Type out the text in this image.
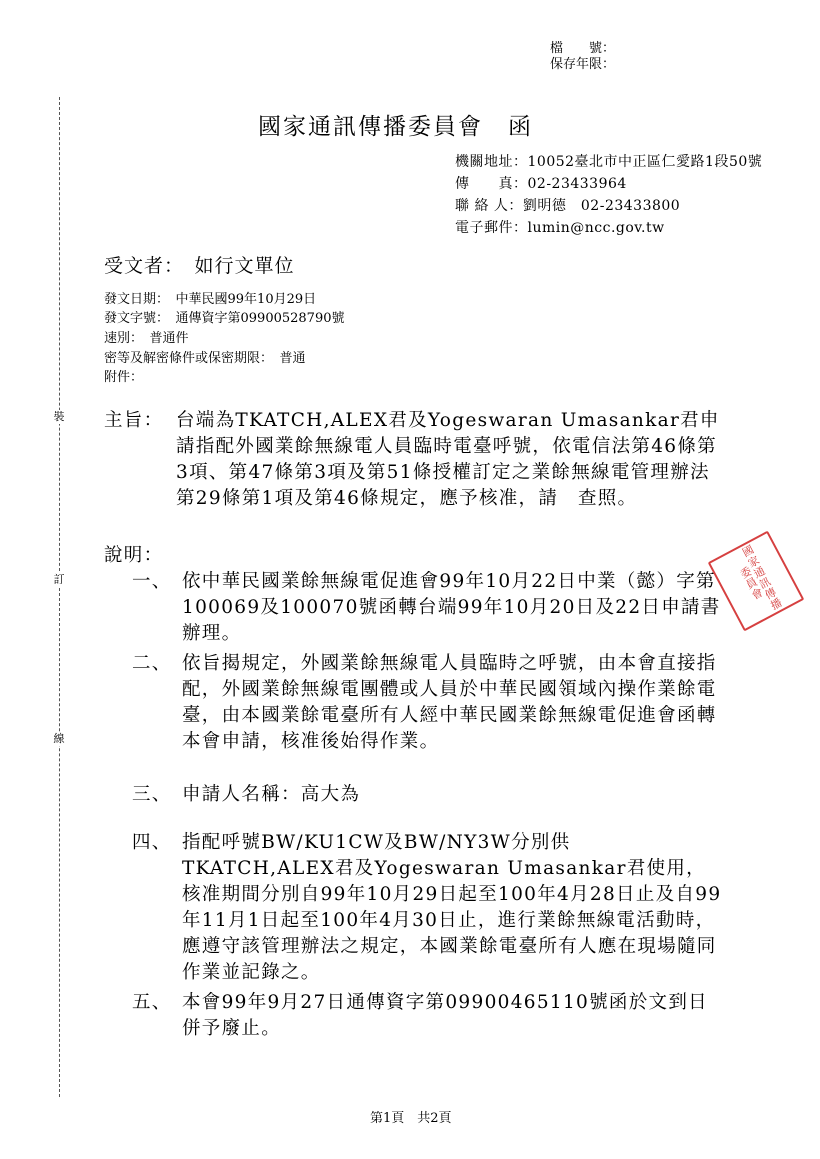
檔　　號：
保存年限：
裝
訂
線
國家通訊傳播委員會　函
機關地址：10052臺北市中正區仁愛路1段50號
傳　　真：02-23433964
聯 絡 人：劉明德　02-23433800
電子郵件：lumin@ncc.gov.tw
受文者：　如行文單位
發文日期：　中華民國99年10月29日
發文字號：　通傳資字第09900528790號
速別：　普通件
密等及解密條件或保密期限：　普通
附件：
主旨： 台端為TKATCH,ALEX君及Yogeswaran Umasankar君申請指配外國業餘無線電人員臨時電臺呼號，依電信法第46條第3項、第47條第3項及第51條授權訂定之業餘無線電管理辦法第29條第1項及第46條規定，應予核准，請　查照。
說明：
一、 依中華民國業餘無線電促進會99年10月22日中業（懿）字第100069及100070號函轉台端99年10月20日及22日申請書辦理。
二、 依旨揭規定，外國業餘無線電人員臨時之呼號，由本會直接指配，外國業餘無線電團體或人員於中華民國領域內操作業餘電臺，由本國業餘電臺所有人經中華民國業餘無線電促進會函轉本會申請，核准後始得作業。
三、 申請人名稱：高大為
四、 指配呼號BW/KU1CW及BW/NY3W分別供TKATCH,ALEX君及Yogeswaran Umasankar君使用，核准期間分別自99年10月29日起至100年4月28日止及自99年11月1日起至100年4月30日止，進行業餘無線電活動時，應遵守該管理辦法之規定，本國業餘電臺所有人應在現場隨同作業並記錄之。
五、 本會99年9月27日通傳資字第09900465110號函於文到日併予廢止。
國家通訊傳播委員會
第1頁　共2頁
